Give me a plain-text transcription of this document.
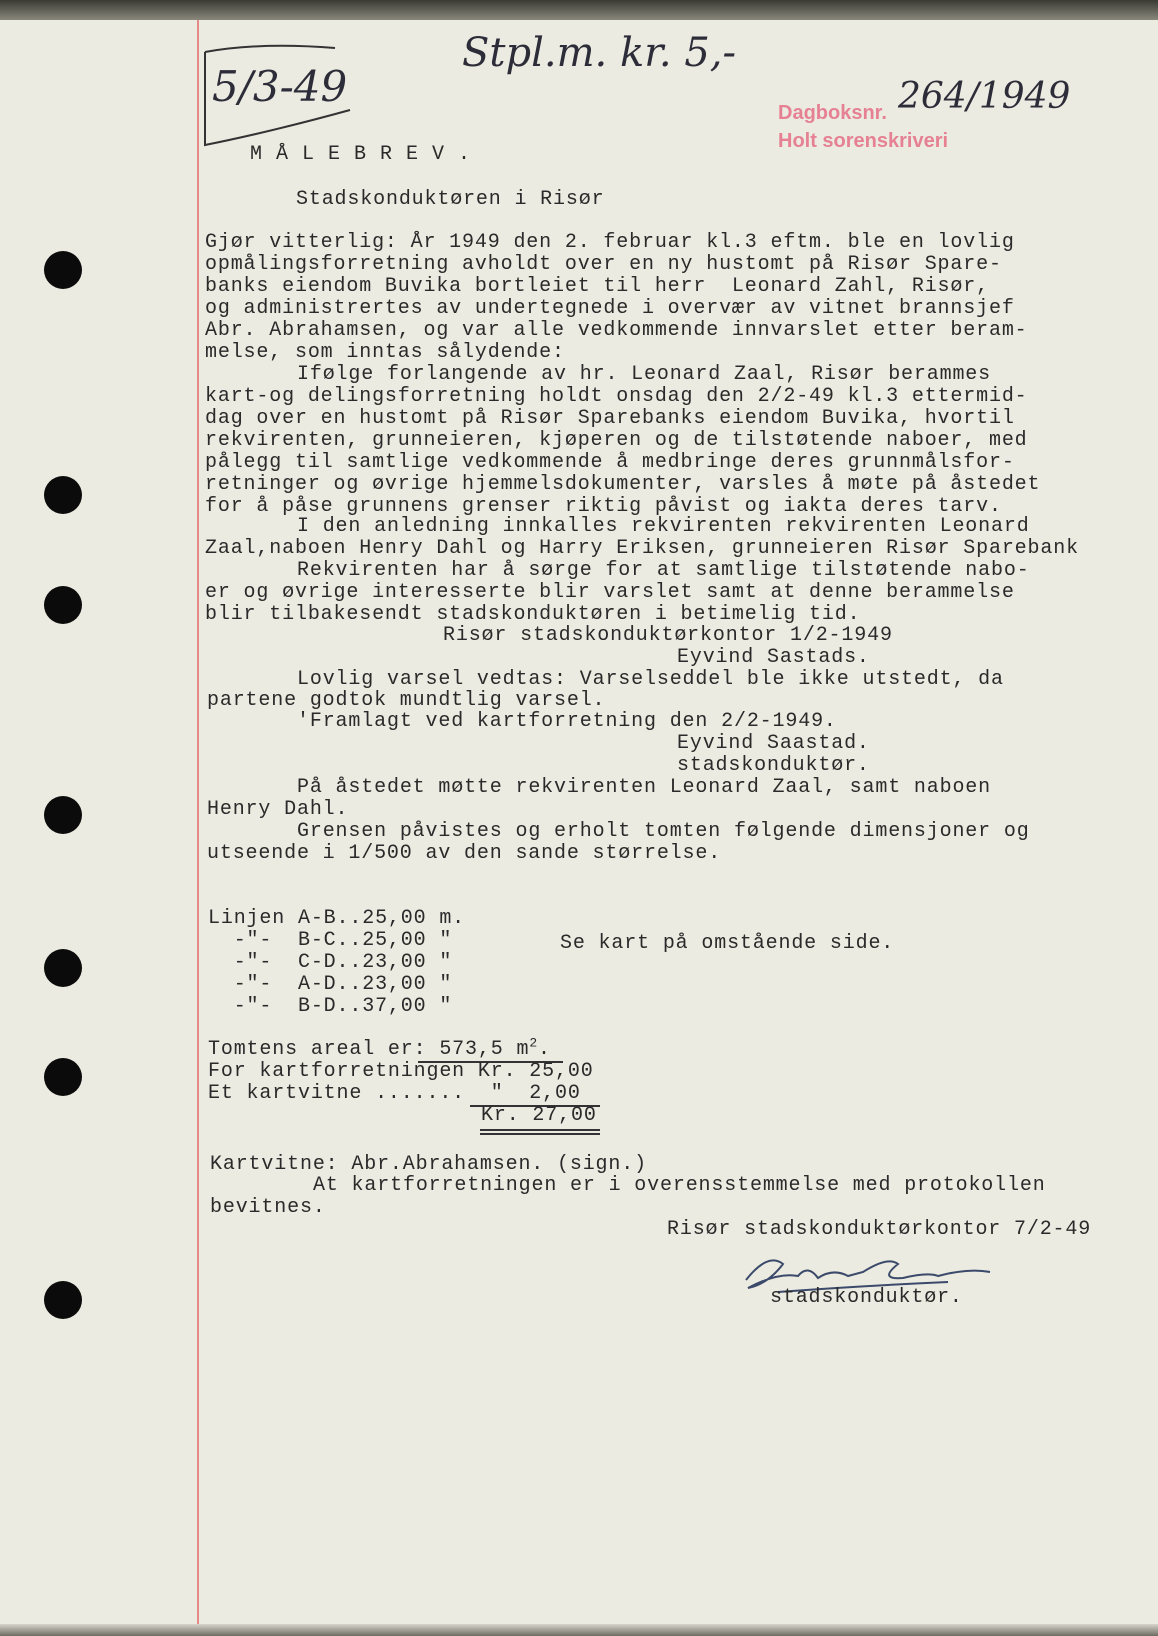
5/3-49
Stpl.m. kr. 5,-
Dagboksnr.
Holt sorenskriveri
264/1949
MÅLEBREV.
Stadskonduktøren i Risør
Gjør vitterlig: År 1949 den 2. februar kl.3 eftm. ble en lovlig
opmålingsforretning avholdt over en ny hustomt på Risør Spare-
banks eiendom Buvika bortleiet til herr  Leonard Zahl, Risør,
og administrertes av undertegnede i overvær av vitnet brannsjef
Abr. Abrahamsen, og var alle vedkommende innvarslet etter beram-
melse, som inntas sålydende:
Ifølge forlangende av hr. Leonard Zaal, Risør berammes
kart-og delingsforretning holdt onsdag den 2/2-49 kl.3 ettermid-
dag over en hustomt på Risør Sparebanks eiendom Buvika, hvortil
rekvirenten, grunneieren, kjøperen og de tilstøtende naboer, med
pålegg til samtlige vedkommende å medbringe deres grunnmålsfor-
retninger og øvrige hjemmelsdokumenter, varsles å møte på åstedet
for å påse grunnens grenser riktig påvist og iakta deres tarv.
I den anledning innkalles rekvirenten rekvirenten Leonard
Zaal,naboen Henry Dahl og Harry Eriksen, grunneieren Risør Sparebank
Rekvirenten har å sørge for at samtlige tilstøtende nabo-
er og øvrige interesserte blir varslet samt at denne berammelse
blir tilbakesendt stadskonduktøren i betimelig tid.
Risør stadskonduktørkontor 1/2-1949
Eyvind Sastads.
Lovlig varsel vedtas: Varselseddel ble ikke utstedt, da
partene godtok mundtlig varsel.
'Framlagt ved kartforretning den 2/2-1949.
Eyvind Saastad.
stadskonduktør.
På åstedet møtte rekvirenten Leonard Zaal, samt naboen
Henry Dahl.
Grensen påvistes og erholt tomten følgende dimensjoner og
utseende i 1/500 av den sande størrelse.
Linjen A-B..25,00 m.
-"-  B-C..25,00 "
-"-  C-D..23,00 "
-"-  A-D..23,00 "
-"-  B-D..37,00 "
Se kart på omstående side.
Tomtens areal er: 573,5 $m^2$.
For kartforretningen Kr. 25,00
Et kartvitne .......  "  2,00
Kr. 27,00
Kartvitne: Abr.Abrahamsen. (sign.)
At kartforretningen er i overensstemmelse med protokollen
bevitnes.
Risør stadskonduktørkontor 7/2-49
stadskonduktør.
